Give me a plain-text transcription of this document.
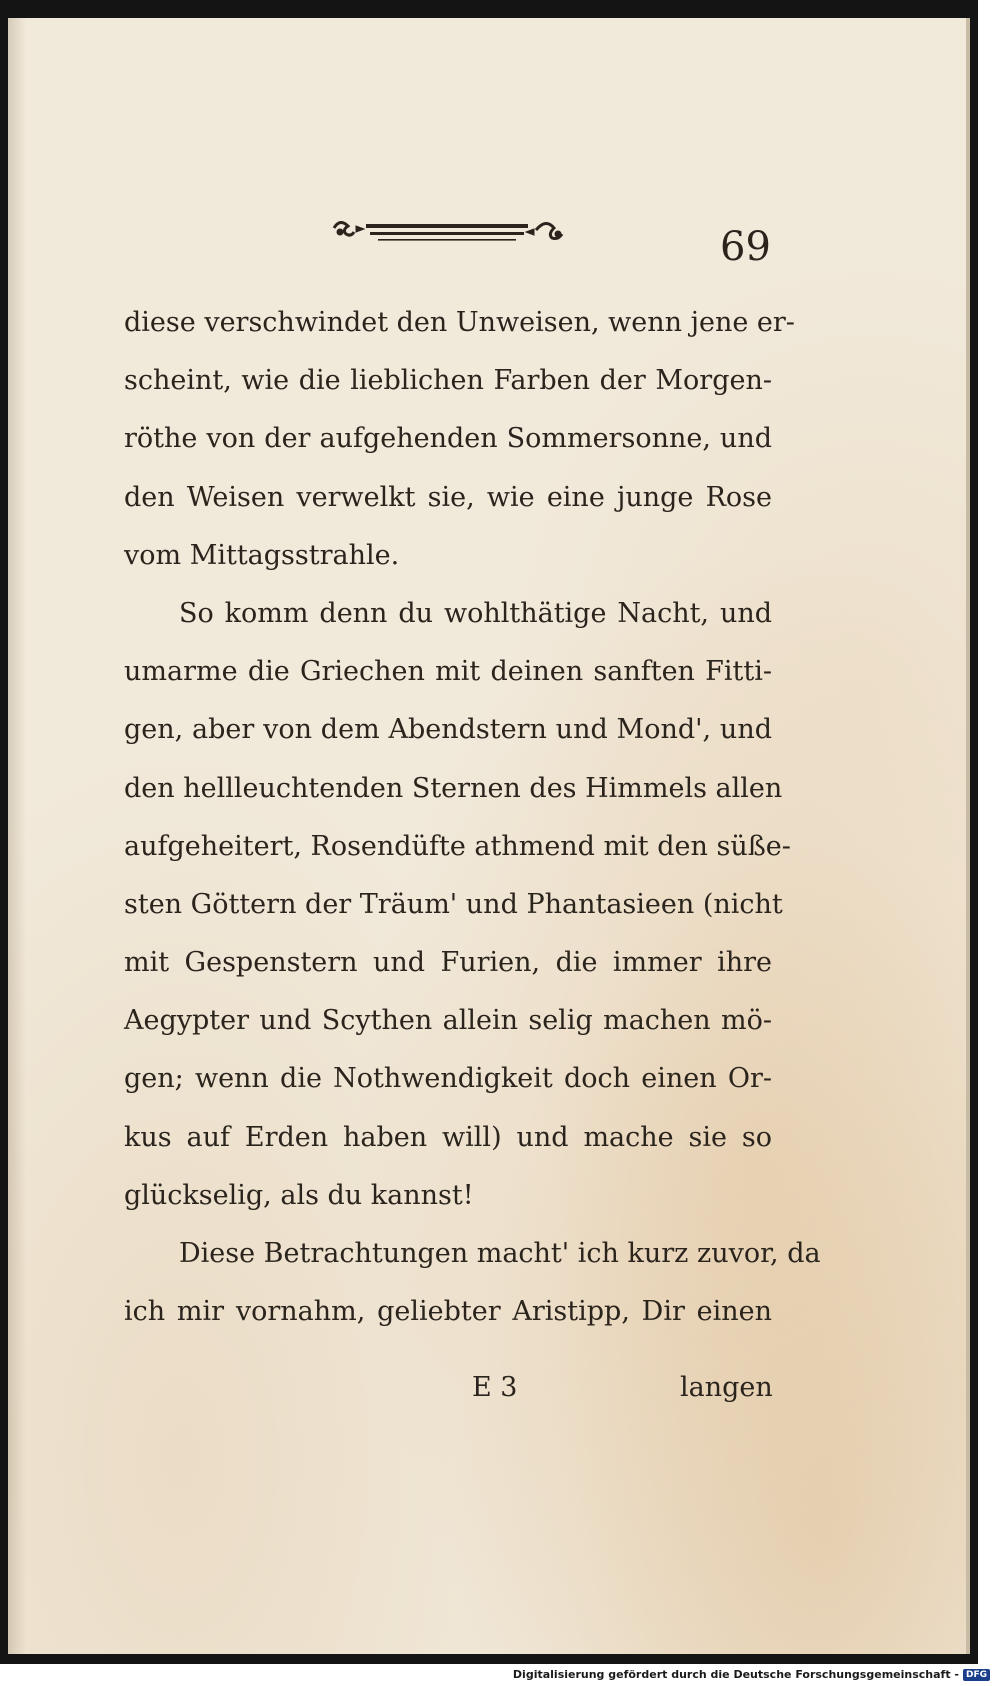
69
diese verschwindet den Unweisen, wenn jene er-
scheint, wie die lieblichen Farben der Morgen-
röthe von der aufgehenden Sommersonne, und
den Weisen verwelkt sie, wie eine junge Rose
vom Mittagsstrahle.
So komm denn du wohlthätige Nacht, und
umarme die Griechen mit deinen sanften Fitti-
gen, aber von dem Abendstern und Mond', und
den hellleuchtenden Sternen des Himmels allen
aufgeheitert, Rosendüfte athmend mit den süße-
sten Göttern der Träum' und Phantasieen (nicht
mit Gespenstern und Furien, die immer ihre
Aegypter und Scythen allein selig machen mö-
gen; wenn die Nothwendigkeit doch einen Or-
kus auf Erden haben will) und mache sie so
glückselig, als du kannst!
Diese Betrachtungen macht' ich kurz zuvor, da
ich mir vornahm, geliebter Aristipp, Dir einen
E 3	langen
Digitalisierung gefördert durch die Deutsche Forschungsgemeinschaft - DFG
